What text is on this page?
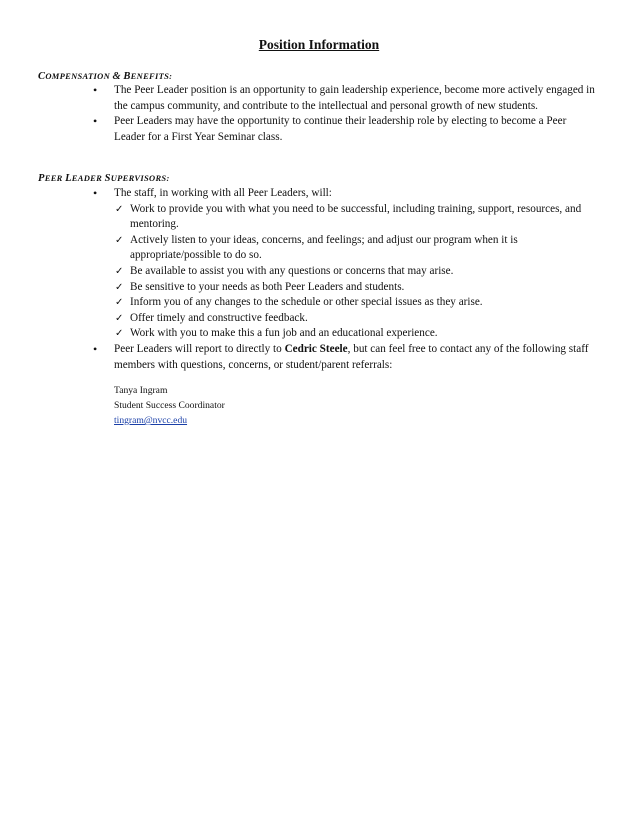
Position Information
COMPENSATION & BENEFITS:
• The Peer Leader position is an opportunity to gain leadership experience, become more actively engaged in the campus community, and contribute to the intellectual and personal growth of new students.
• Peer Leaders may have the opportunity to continue their leadership role by electing to become a Peer Leader for a First Year Seminar class.
PEER LEADER SUPERVISORS:
• The staff, in working with all Peer Leaders, will:
✓ Work to provide you with what you need to be successful, including training, support, resources, and mentoring.
✓ Actively listen to your ideas, concerns, and feelings; and adjust our program when it is appropriate/possible to do so.
✓ Be available to assist you with any questions or concerns that may arise.
✓ Be sensitive to your needs as both Peer Leaders and students.
✓ Inform you of any changes to the schedule or other special issues as they arise.
✓ Offer timely and constructive feedback.
✓ Work with you to make this a fun job and an educational experience.
• Peer Leaders will report to directly to Cedric Steele, but can feel free to contact any of the following staff members with questions, concerns, or student/parent referrals:
Tanya Ingram
Student Success Coordinator
tingram@nvcc.edu
